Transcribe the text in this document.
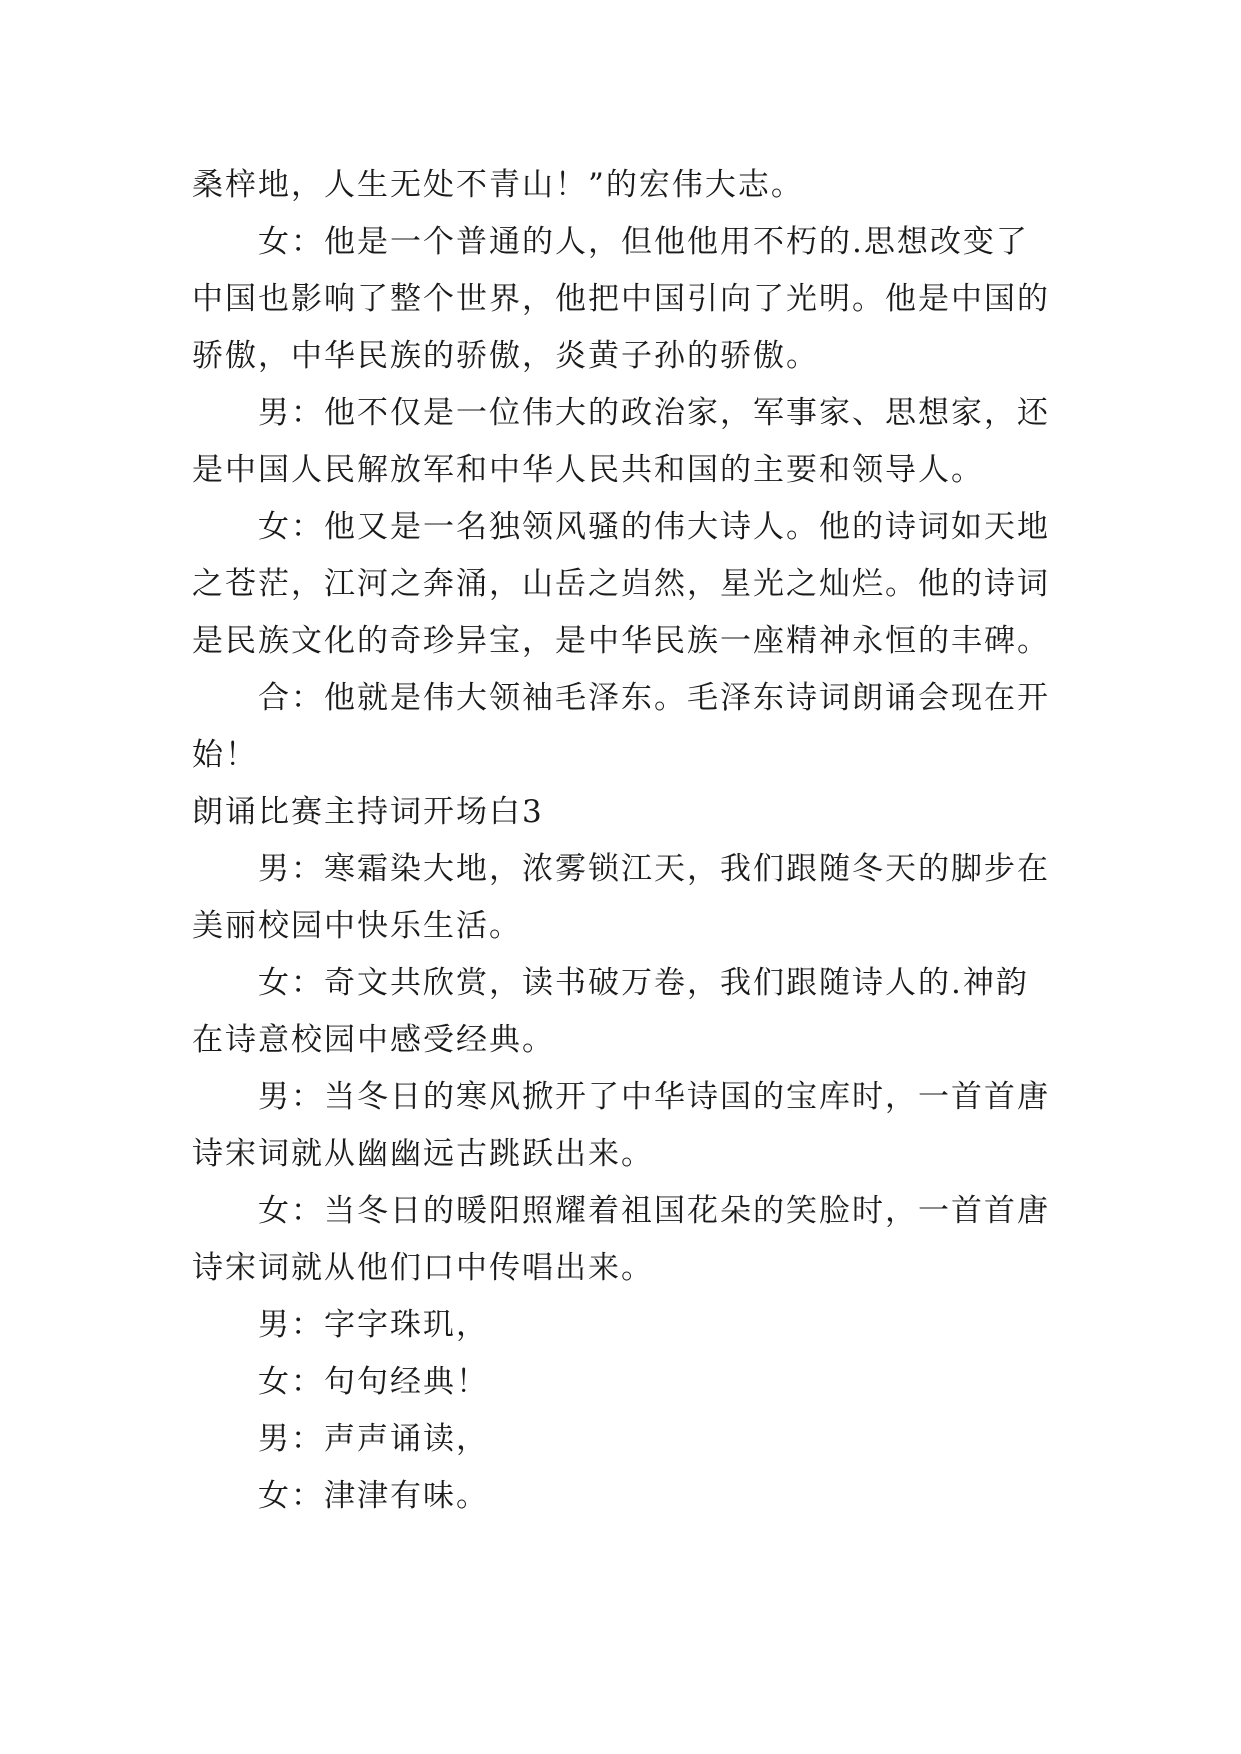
桑梓地，人生无处不青山！”的宏伟大志。
女：他是一个普通的人，但他他用不朽的.思想改变了
中国也影响了整个世界，他把中国引向了光明。他是中国的
骄傲，中华民族的骄傲，炎黄子孙的骄傲。
男：他不仅是一位伟大的政治家，军事家、思想家，还
是中国人民解放军和中华人民共和国的主要和领导人。
女：他又是一名独领风骚的伟大诗人。他的诗词如天地
之苍茫，江河之奔涌，山岳之岿然，星光之灿烂。他的诗词
是民族文化的奇珍异宝，是中华民族一座精神永恒的丰碑。
合：他就是伟大领袖毛泽东。毛泽东诗词朗诵会现在开
始！
朗诵比赛主持词开场白3
男：寒霜染大地，浓雾锁江天，我们跟随冬天的脚步在
美丽校园中快乐生活。
女：奇文共欣赏，读书破万卷，我们跟随诗人的.神韵
在诗意校园中感受经典。
男：当冬日的寒风掀开了中华诗国的宝库时，一首首唐
诗宋词就从幽幽远古跳跃出来。
女：当冬日的暖阳照耀着祖国花朵的笑脸时，一首首唐
诗宋词就从他们口中传唱出来。
男：字字珠玑，
女：句句经典！
男：声声诵读，
女：津津有味。
